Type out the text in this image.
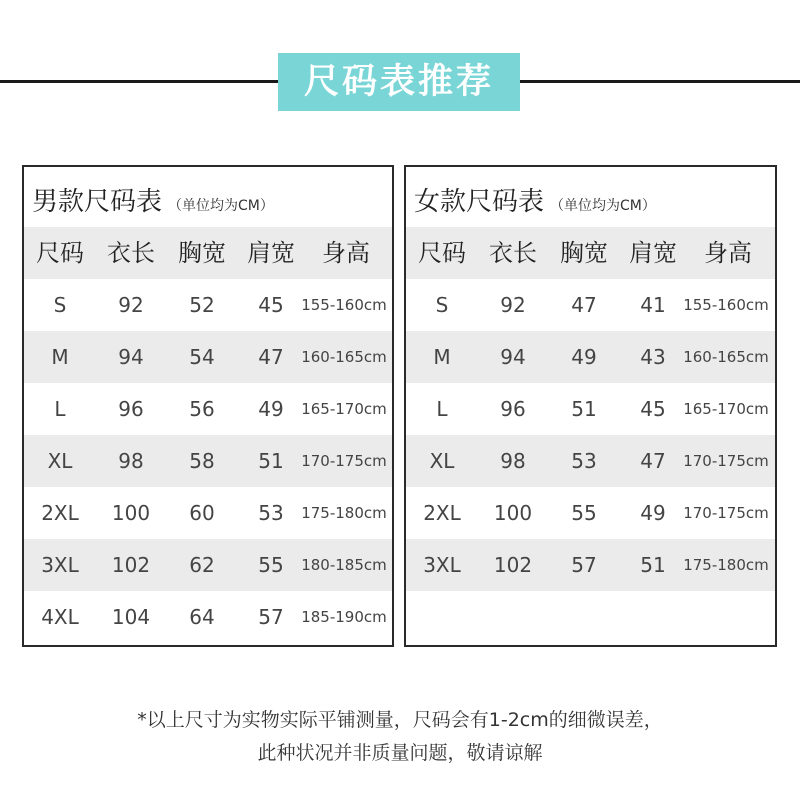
尺码表推荐
男款尺码表 （单位均为CM）
尺码 衣长 胸宽 肩宽	身高
S	92	52	45	155-160cm
M	94	54	47	160-165cm
L	96	56	49	165-170cm
XL	98	58	51	170-175cm
2XL	100	60	53	175-180cm
3XL	102	62	55	180-185cm
4XL	104	64	57	185-190cm
女款尺码表 （单位均为CM）
尺码 衣长 胸宽 肩宽	身高
S	92	47	41	155-160cm
M	94	49	43	160-165cm
L	96	51	45	165-170cm
XL	98	53	47	170-175cm
2XL	100	55	49	170-175cm
3XL	102	57	51	175-180cm
*以上尺寸为实物实际平铺测量，尺码会有1-2cm的细微误差，
此种状况并非质量问题，敬请谅解
